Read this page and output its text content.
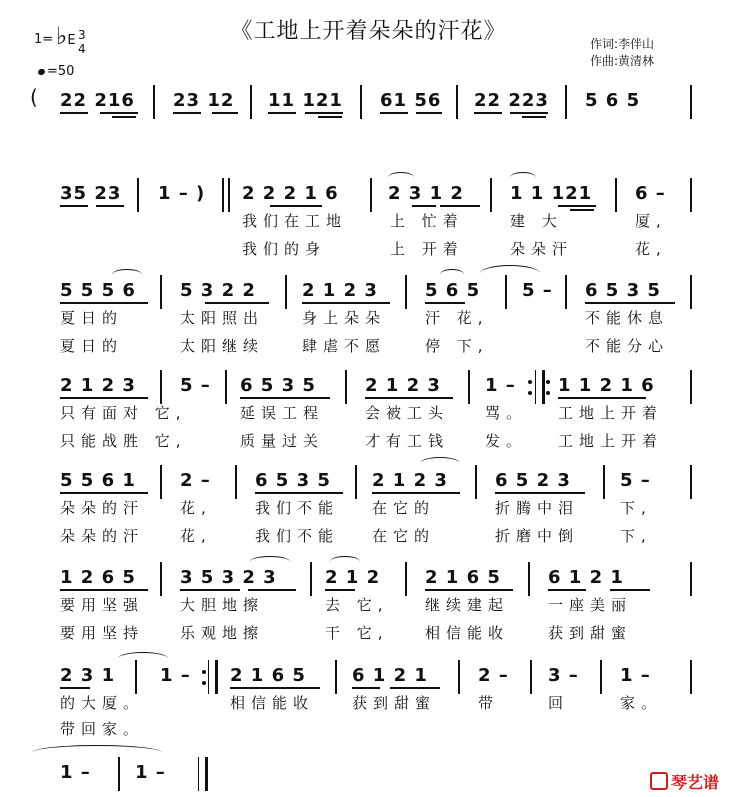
《工地上开着朵朵的汗花》	作词:李伴山
作曲:黄清林
1= ♭E 3
4
=50
( 22 216 23 12 11 121 61 56 22 223 5 6 5
35 23 1 – ) 2 2 2 1 6	2 3 1 2	1 1 121 6 –
我们在工地	上 忙着	建 大	厦,
我们的身	上 开着	朵朵汗	花,
5 5 5 6 5 3 2 2	2 1 2 3	5 6 5 5 – 6 5 3 5
夏日的	太阳照出	身上朵朵	汗 花,	不能休息
夏日的	太阳继续	肆虐不愿	停 下,	不能分心
2 1 2 3 5 – 6 5 3 5	2 1 2 3 1 – 1 1 2 1 6
只有面对 它,	延误工程	会被工头 骂。 工地上开着
只能战胜 它,	质量过关	才有工钱 发。 工地上开着
5 5 6 1 2 – 6 5 3 5 2 1 2 3	6 5 2 3	5 –
朵朵的汗 花,	我们不能 在它的	折腾中泪	下,
朵朵的汗 花,	我们不能 在它的	折磨中倒	下,
1 2 6 5 3 5 3 2 3	2 1 2 2 1 6 5	6 1 2 1
要用坚强 大胆地擦	去 它, 继续建起	一座美丽
要用坚持 乐观地擦	干 它, 相信能收	获到甜蜜
2 3 1 1 – 2 1 6 5	6 1 2 1	2 – 3 – 1 –
的大厦。	相信能收	获到甜蜜	带	回	家。
带回家。
1 – 1 –	琴艺谱
